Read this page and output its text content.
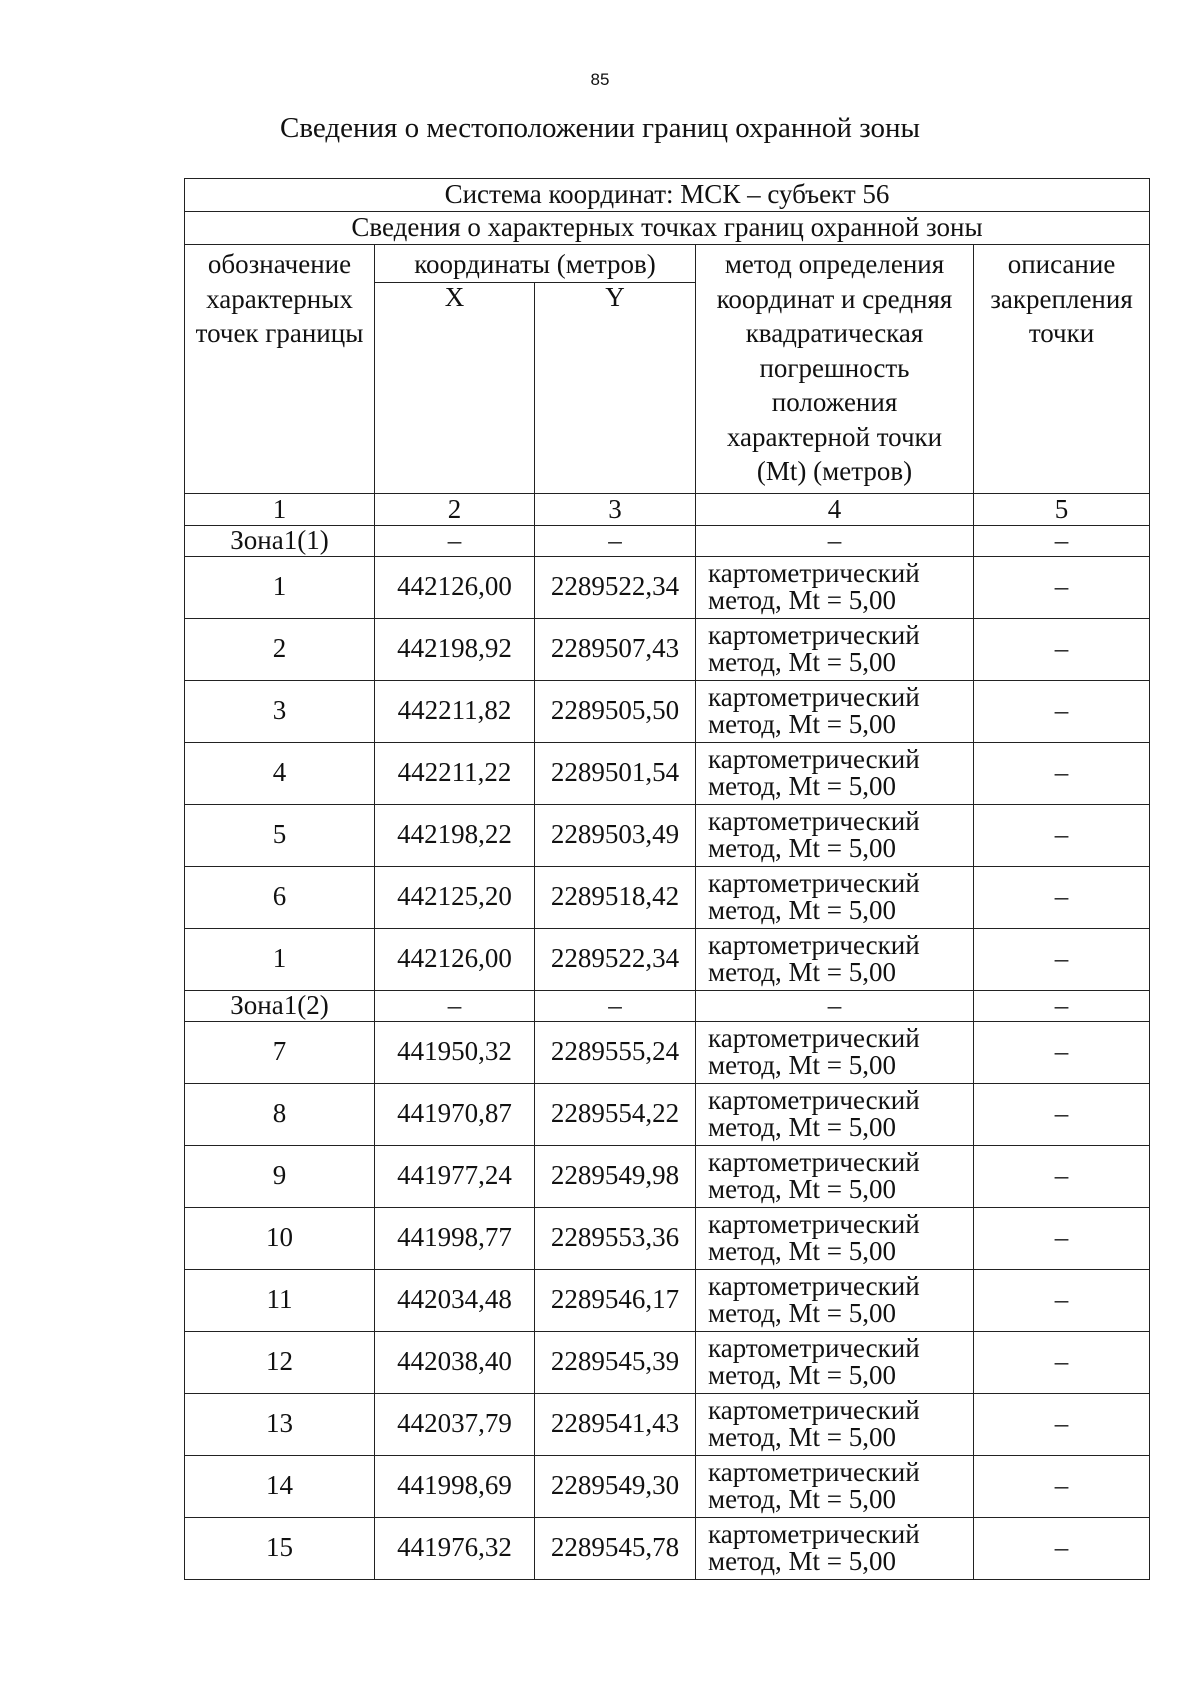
85
Сведения о местоположении границ охранной зоны
Система координат: МСК – субъект 56				
Сведения о характерных точках границ охранной зоны				
обозначение характерных точек границы	координаты (метров)		метод определения координат и средняя квадратическая погрешность положения характерной точки (Mt) (метров)	описание закрепления точки
	X	Y		
1	2	3	4	5
Зона1(1)	–	–	–	–
1	442126,00	2289522,34	картометрический
метод, Mt = 5,00	–
2	442198,92	2289507,43	картометрический
метод, Mt = 5,00	–
3	442211,82	2289505,50	картометрический
метод, Mt = 5,00	–
4	442211,22	2289501,54	картометрический
метод, Mt = 5,00	–
5	442198,22	2289503,49	картометрический
метод, Mt = 5,00	–
6	442125,20	2289518,42	картометрический
метод, Mt = 5,00	–
1	442126,00	2289522,34	картометрический
метод, Mt = 5,00	–
Зона1(2)	–	–	–	–
7	441950,32	2289555,24	картометрический
метод, Mt = 5,00	–
8	441970,87	2289554,22	картометрический
метод, Mt = 5,00	–
9	441977,24	2289549,98	картометрический
метод, Mt = 5,00	–
10	441998,77	2289553,36	картометрический
метод, Mt = 5,00	–
11	442034,48	2289546,17	картометрический
метод, Mt = 5,00	–
12	442038,40	2289545,39	картометрический
метод, Mt = 5,00	–
13	442037,79	2289541,43	картометрический
метод, Mt = 5,00	–
14	441998,69	2289549,30	картометрический
метод, Mt = 5,00	–
15	441976,32	2289545,78	картометрический
метод, Mt = 5,00	–
